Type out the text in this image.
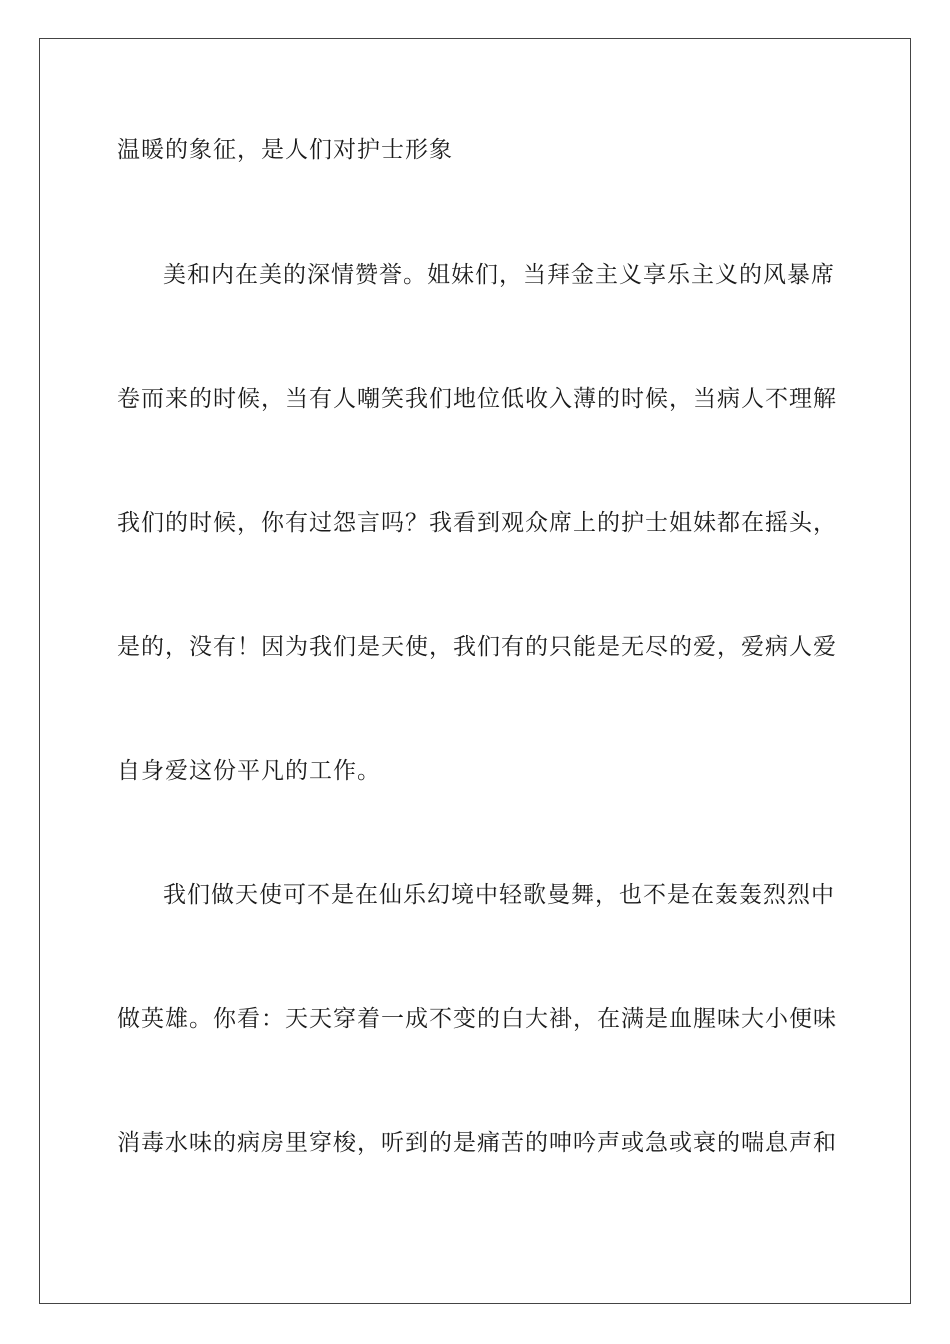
温暖的象征，是人们对护士形象
美和内在美的深情赞誉。姐妹们，当拜金主义享乐主义的风暴席
卷而来的时候，当有人嘲笑我们地位低收入薄的时候，当病人不理解
我们的时候，你有过怨言吗？我看到观众席上的护士姐妹都在摇头，
是的，没有！因为我们是天使，我们有的只能是无尽的爱，爱病人爱
自身爱这份平凡的工作。
我们做天使可不是在仙乐幻境中轻歌曼舞，也不是在轰轰烈烈中
做英雄。你看：天天穿着一成不变的白大褂，在满是血腥味大小便味
消毒水味的病房里穿梭，听到的是痛苦的呻吟声或急或衰的喘息声和
